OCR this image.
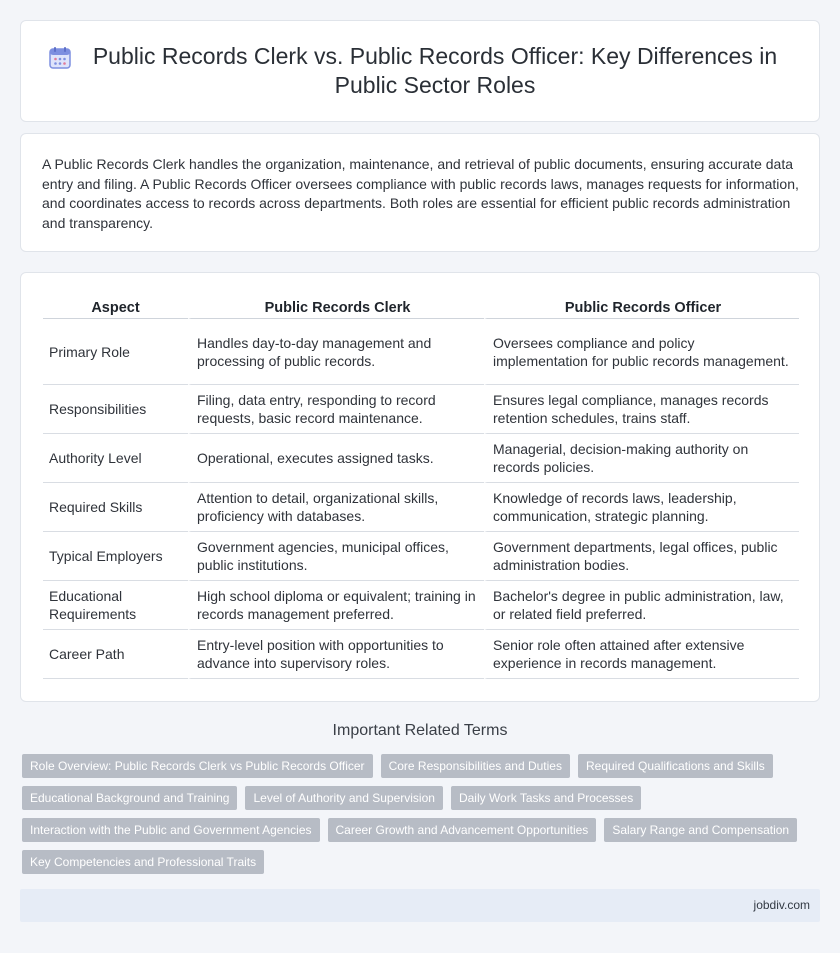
Public Records Clerk vs. Public Records Officer: Key Differences in Public Sector Roles

A Public Records Clerk handles the organization, maintenance, and retrieval of public documents, ensuring accurate data entry and filing. A Public Records Officer oversees compliance with public records laws, manages requests for information, and coordinates access to records across departments. Both roles are essential for efficient public records administration and transparency.

Aspect	Public Records Clerk	Public Records Officer
Primary Role	Handles day-to-day management and processing of public records.	Oversees compliance and policy implementation for public records management.
Responsibilities	Filing, data entry, responding to record requests, basic record maintenance.	Ensures legal compliance, manages records retention schedules, trains staff.
Authority Level	Operational, executes assigned tasks.	Managerial, decision-making authority on records policies.
Required Skills	Attention to detail, organizational skills, proficiency with databases.	Knowledge of records laws, leadership, communication, strategic planning.
Typical Employers	Government agencies, municipal offices, public institutions.	Government departments, legal offices, public administration bodies.
Educational Requirements	High school diploma or equivalent; training in records management preferred.	Bachelor's degree in public administration, law, or related field preferred.
Career Path	Entry-level position with opportunities to advance into supervisory roles.	Senior role often attained after extensive experience in records management.
Important Related Terms
Role Overview: Public Records Clerk vs Public Records Officer	Core Responsibilities and Duties	Required Qualifications and Skills
Educational Background and Training	Level of Authority and Supervision	Daily Work Tasks and Processes
Interaction with the Public and Government Agencies	Career Growth and Advancement Opportunities	Salary Range and Compensation
Key Competencies and Professional Traits
jobdiv.com
